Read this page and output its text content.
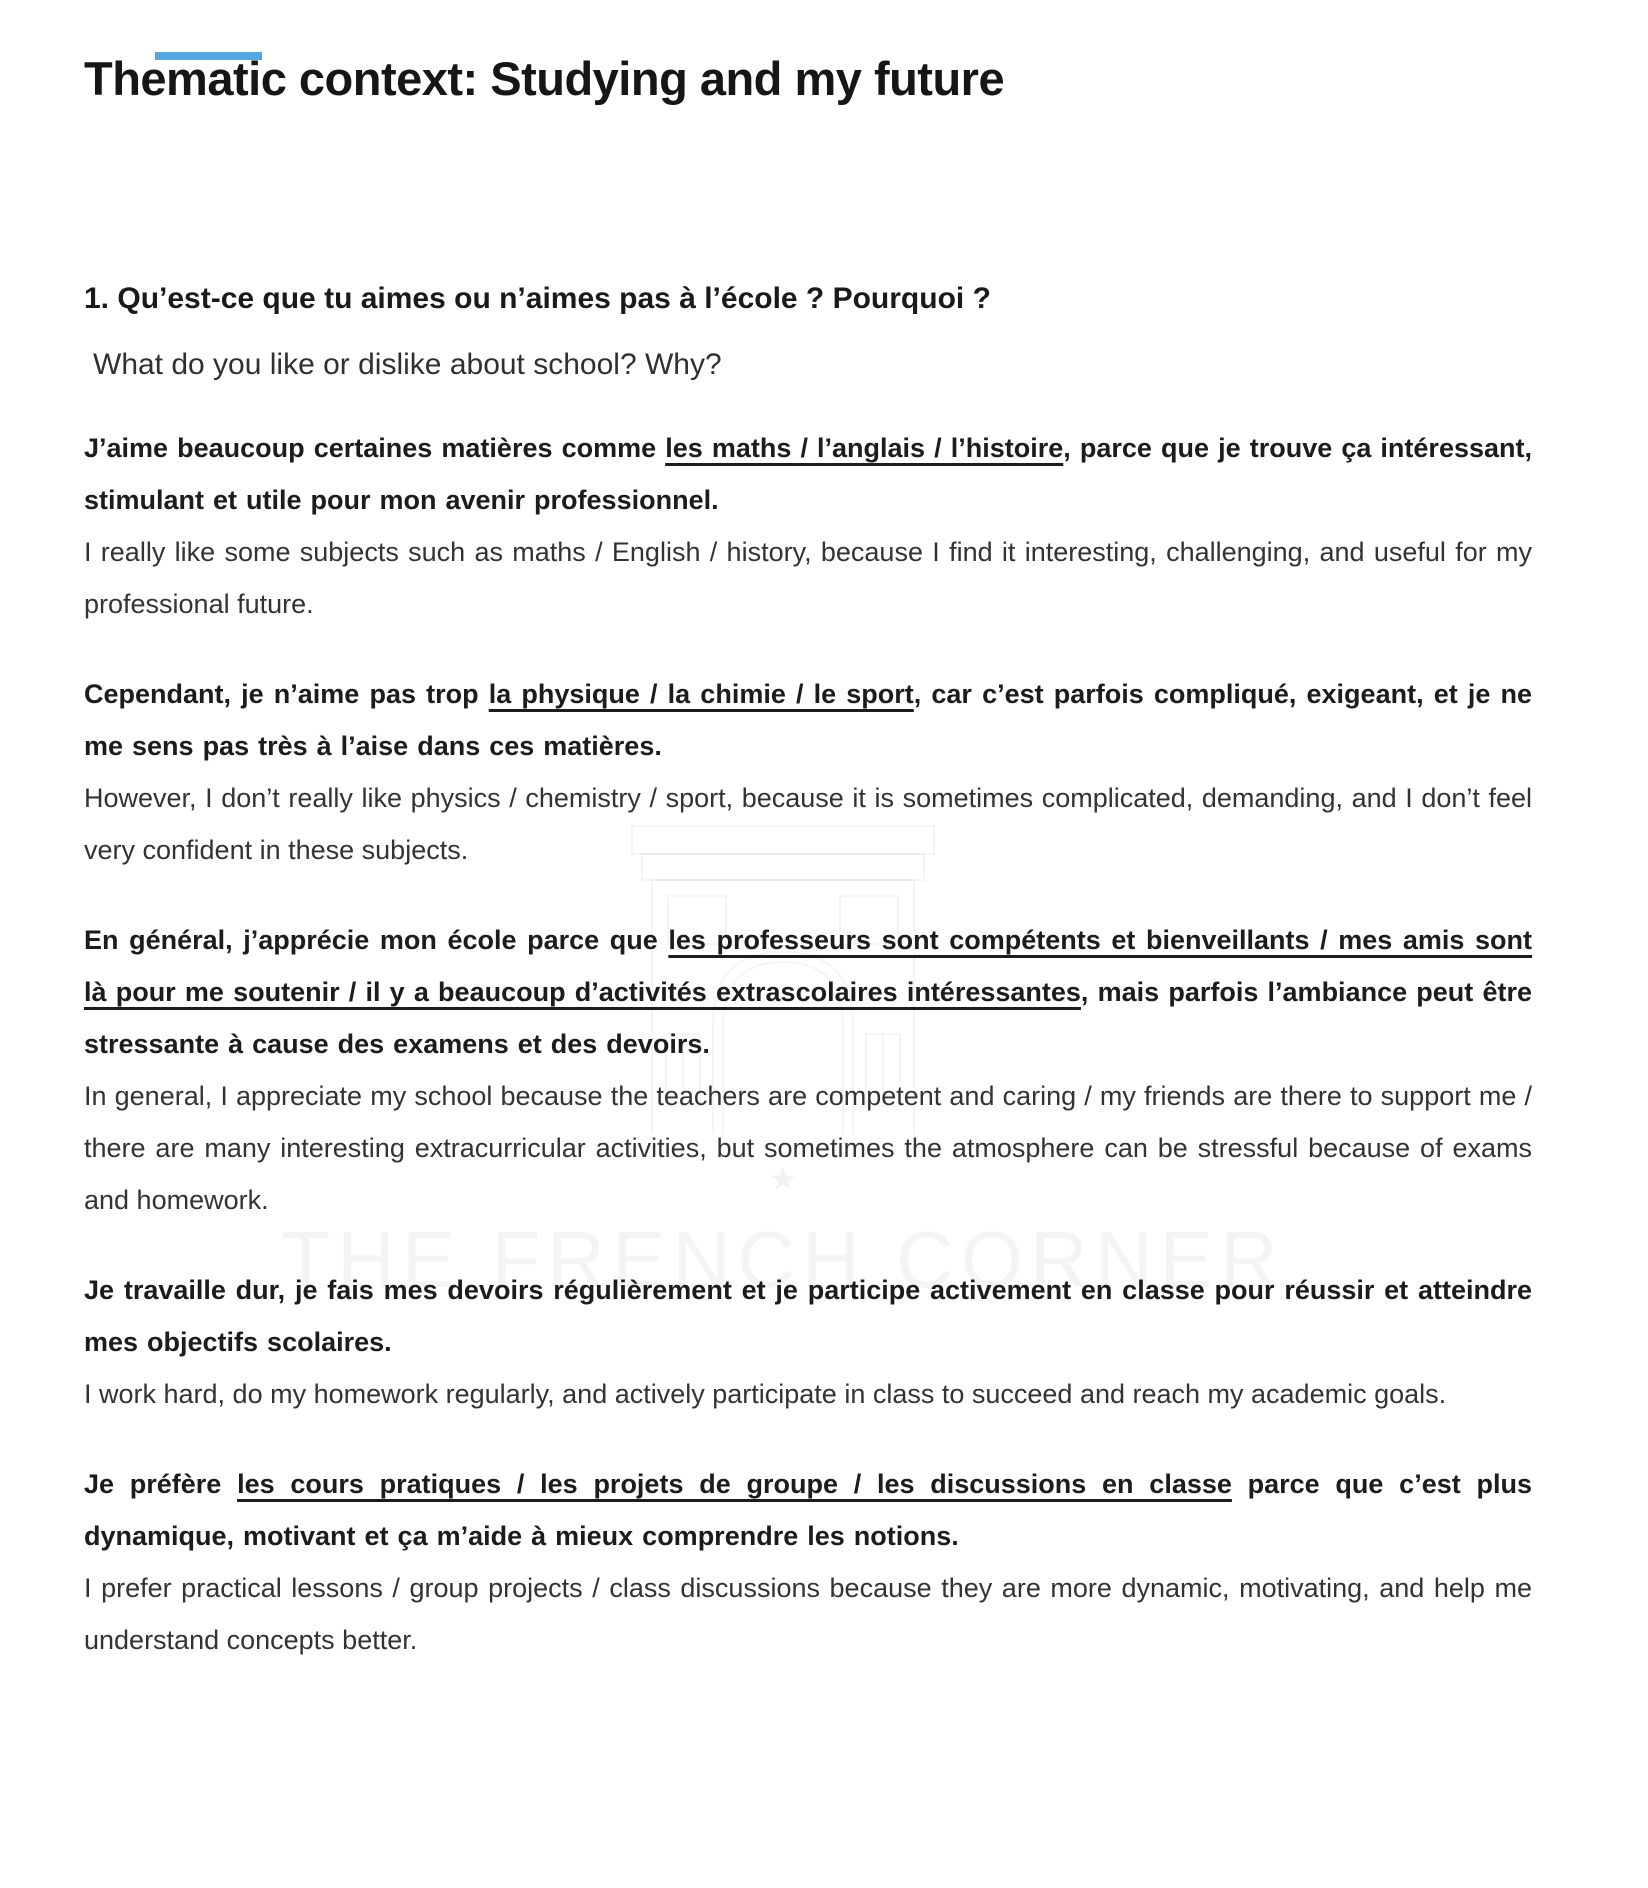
★
Thematic context: Studying and my future
1. Qu’est-ce que tu aimes ou n’aimes pas à l’école ? Pourquoi ?
What do you like or dislike about school? Why?

J’aime beaucoup certaines matières comme les maths / l’anglais / l’histoire, parce que je trouve ça intéressant, stimulant et utile pour mon avenir professionnel.

I really like some subjects such as maths / English / history, because I find it interesting, challenging, and useful for my professional future.

Cependant, je n’aime pas trop la physique / la chimie / le sport, car c’est parfois compliqué, exigeant, et je ne me sens pas très à l’aise dans ces matières.

However, I don’t really like physics / chemistry / sport, because it is sometimes complicated, demanding, and I don’t feel very confident in these subjects.

En général, j’apprécie mon école parce que les professeurs sont compétents et bienveillants / mes amis sont là pour me soutenir / il y a beaucoup d’activités extrascolaires intéressantes, mais parfois l’ambiance peut être stressante à cause des examens et des devoirs.

In general, I appreciate my school because the teachers are competent and caring / my friends are there to support me / there are many interesting extracurricular activities, but sometimes the atmosphere can be stressful because of exams and homework.

Je travaille dur, je fais mes devoirs régulièrement et je participe activement en classe pour réussir et atteindre mes objectifs scolaires.

I work hard, do my homework regularly, and actively participate in class to succeed and reach my academic goals.

Je préfère les cours pratiques / les projets de groupe / les discussions en classe parce que c’est plus dynamique, motivant et ça m’aide à mieux comprendre les notions.

I prefer practical lessons / group projects / class discussions because they are more dynamic, motivating, and help me understand concepts better.
